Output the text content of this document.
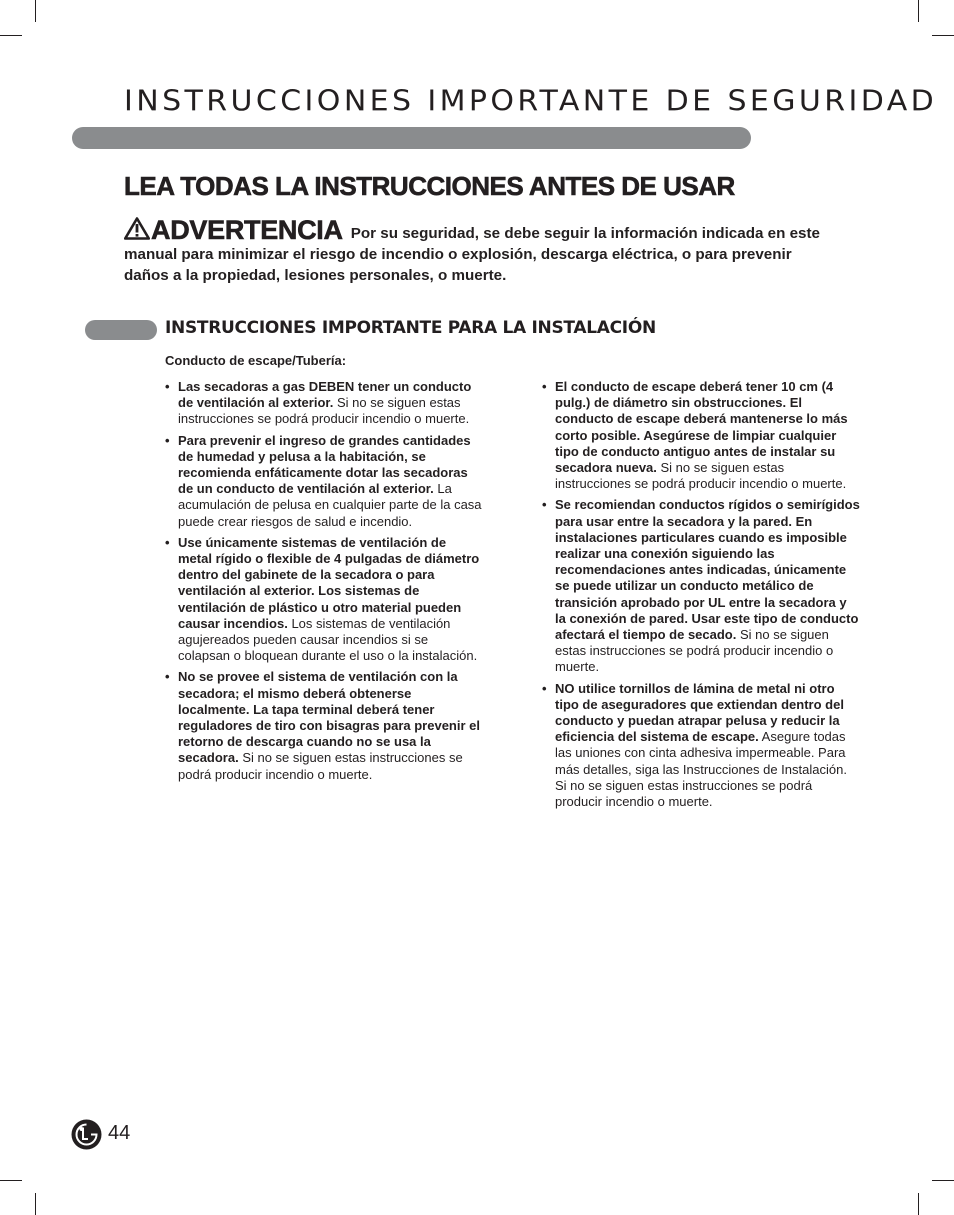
INSTRUCCIONES IMPORTANTE DE SEGURIDAD
LEA TODAS LA INSTRUCCIONES ANTES DE USAR
ADVERTENCIA Por su seguridad, se debe seguir la información indicada en este manual para minimizar el riesgo de incendio o explosión, descarga eléctrica, o para prevenir daños a la propiedad, lesiones personales, o muerte.
INSTRUCCIONES IMPORTANTE PARA LA INSTALACIÓN
Conducto de escape/Tubería:
• Las secadoras a gas DEBEN tener un conducto de ventilación al exterior. Si no se siguen estas instrucciones se podrá producir incendio o muerte.
• Para prevenir el ingreso de grandes cantidades de humedad y pelusa a la habitación, se recomienda enfáticamente dotar las secadoras de un conducto de ventilación al exterior. La acumulación de pelusa en cualquier parte de la casa puede crear riesgos de salud e incendio.
• Use únicamente sistemas de ventilación de metal rígido o flexible de 4 pulgadas de diámetro dentro del gabinete de la secadora o para ventilación al exterior. Los sistemas de ventilación de plástico u otro material pueden causar incendios. Los sistemas de ventilación agujereados pueden causar incendios si se colapsan o bloquean durante el uso o la instalación.
• No se provee el sistema de ventilación con la secadora; el mismo deberá obtenerse localmente. La tapa terminal deberá tener reguladores de tiro con bisagras para prevenir el retorno de descarga cuando no se usa la secadora. Si no se siguen estas instrucciones se podrá producir incendio o muerte.
• El conducto de escape deberá tener 10 cm (4 pulg.) de diámetro sin obstrucciones. El conducto de escape deberá mantenerse lo más corto posible. Asegúrese de limpiar cualquier tipo de conducto antiguo antes de instalar su secadora nueva. Si no se siguen estas instrucciones se podrá producir incendio o muerte.
• Se recomiendan conductos rígidos o semirígidos para usar entre la secadora y la pared. En instalaciones particulares cuando es imposible realizar una conexión siguiendo las recomendaciones antes indicadas, únicamente se puede utilizar un conducto metálico de transición aprobado por UL entre la secadora y la conexión de pared. Usar este tipo de conducto afectará el tiempo de secado. Si no se siguen estas instrucciones se podrá producir incendio o muerte.
• NO utilice tornillos de lámina de metal ni otro tipo de aseguradores que extiendan dentro del conducto y puedan atrapar pelusa y reducir la eficiencia del sistema de escape. Asegure todas las uniones con cinta adhesiva impermeable. Para más detalles, siga las Instrucciones de Instalación. Si no se siguen estas instrucciones se podrá producir incendio o muerte.
44
